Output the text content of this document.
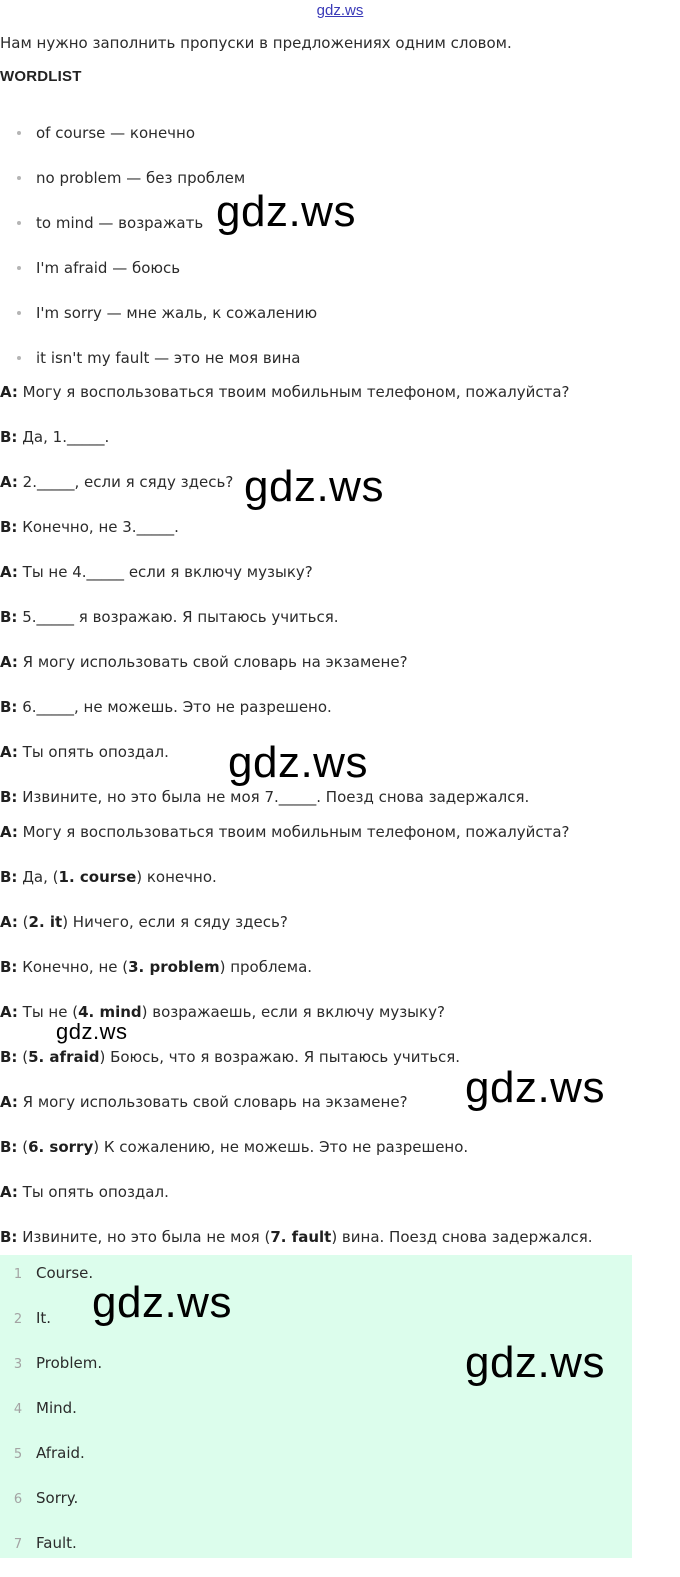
gdz.ws
Нам нужно заполнить пропуски в предложениях одним словом.
WORDLIST
of course — конечно
no problem — без проблем
to mind — возражать
I'm afraid — боюсь
I'm sorry — мне жаль, к сожалению
it isn't my fault — это не моя вина
A: Могу я воспользоваться твоим мобильным телефоном, пожалуйста?
B: Да, 1._____.
A: 2._____, если я сяду здесь?
B: Конечно, не 3._____.
A: Ты не 4._____ если я включу музыку?
B: 5._____ я возражаю. Я пытаюсь учиться.
A: Я могу использовать свой словарь на экзамене?
B: 6._____, не можешь. Это не разрешено.
A: Ты опять опоздал.
B: Извините, но это была не моя 7._____. Поезд снова задержался.
A: Могу я воспользоваться твоим мобильным телефоном, пожалуйста?
B: Да, (1. course) конечно.
A: (2. it) Ничего, если я сяду здесь?
B: Конечно, не (3. problem) проблема.
A: Ты не (4. mind) возражаешь, если я включу музыку?
B: (5. afraid) Боюсь, что я возражаю. Я пытаюсь учиться.
A: Я могу использовать свой словарь на экзамене?
B: (6. sorry) К сожалению, не можешь. Это не разрешено.
A: Ты опять опоздал.
B: Извините, но это была не моя (7. fault) вина. Поезд снова задержался.
1 Course.
2 It.
3 Problem.
4 Mind.
5 Afraid.
6 Sorry.
7 Fault.
gdz.ws
gdz.ws
gdz.ws
gdz.ws
gdz.ws
gdz.ws
gdz.ws
